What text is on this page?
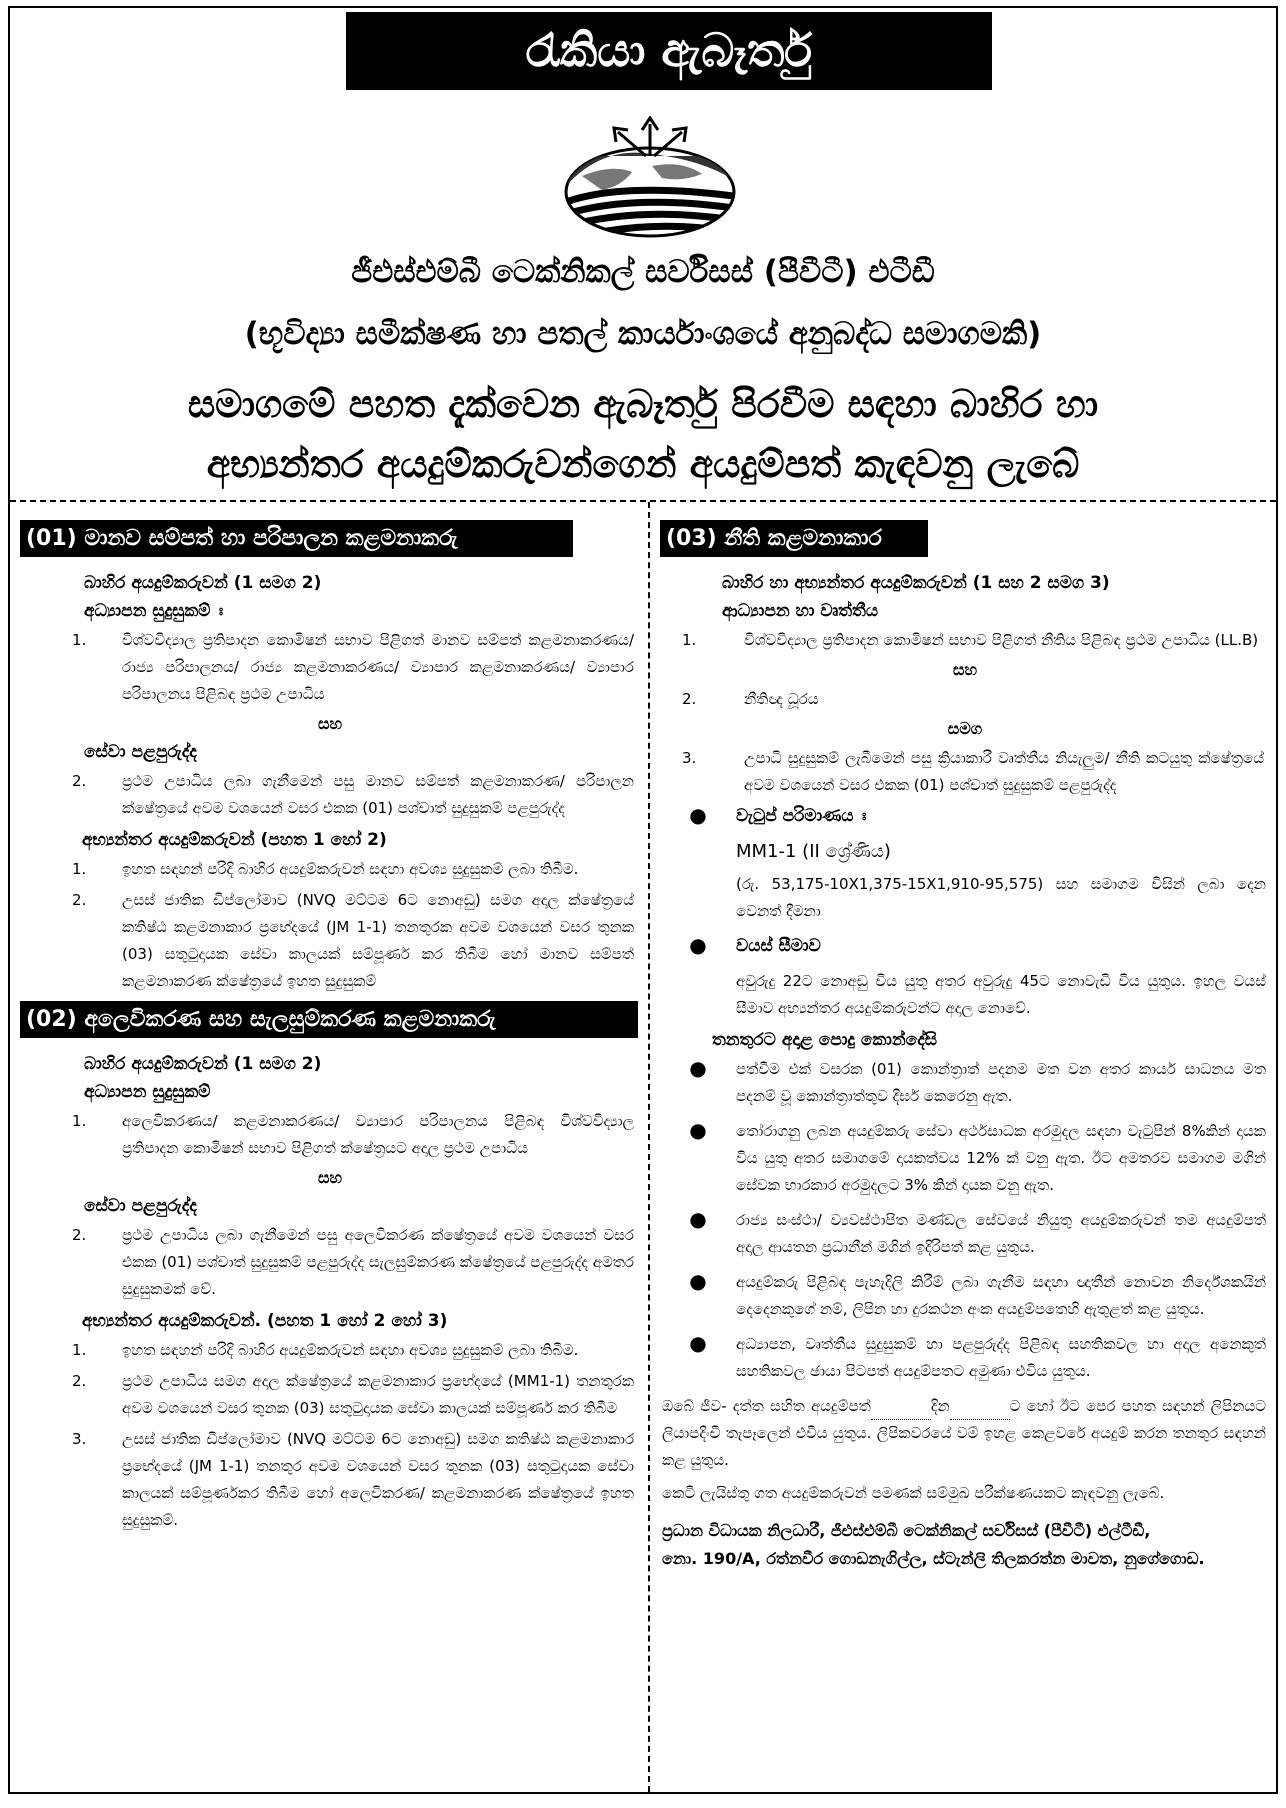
රැකියා ඇබෑර්තු
ජීඑස්එම්බී ටෙක්නිකල් සර්විසස් (පීවීටී) එටීඩී
(භූවිද්‍යා සමීක්ෂණ හා පතල් කාර්යාංශයේ අනුබද්ධ සමාගමකි)
සමාගමේ පහත දැක්වෙන ඇබෑර්තු පිරවීම සඳහා බාහිර හා
අභ්‍යන්තර අයදුම්කරුවන්ගෙන් අයදුම්පත් කැඳවනු ලැබේ
(01) මානව සම්පත් හා පරිපාලන කළමනාකරු
බාහිර අයදුම්කරුවන් (1 සමග 2)
අධ්‍යාපන සුදුසුකම් ඃ
1.	විශ්වවිද්‍යාල ප්‍රතිපාදන කොමිෂන් සභාව පිළිගත් මානව සම්පත් කළමනාකරණය/ රාජ්‍ය පරිපාලනය/ රාජ්‍ය කළමනාකරණය/ ව්‍යාපාර කළමනාකරණය/ ව්‍යාපාර පරිපාලනය පිළිබඳ ප්‍රථම උපාධිය
සහ
සේවා පළපුරුද්ද
2.	ප්‍රථම උපාධිය ලබා ගැනීමෙන් පසු මානව සම්පත් කළමනාකරණ/ පරිපාලන ක්ෂේත්‍රයේ අවම වශයෙන් වසර එකක (01) පශ්චාත් සුදුසුකම් පළපුරුද්ද
අභ්‍යන්තර අයදුම්කරුවන් (පහත 1 හෝ 2)
1.	ඉහත සඳහන් පරිදි බාහිර අයදුම්කරුවන් සඳහා අවශ්‍ය සුදුසුකම් ලබා තිබීම.
2.	උසස් ජාතික ඩිප්ලෝමාව (NVQ මට්ටම 6ට නොඅඩු) සමග අදාල ක්ෂේත්‍රයේ කතිෂ්ඨ කළමනාකාර ප්‍රභේදයේ (JM 1-1) තනතුරක අවම වශයෙන් වසර තුනක (03) සතුටුදායක සේවා කාලයක් සම්පූර්ණ කර තිබීම හෝ මානව සම්පත් කළමනාකරණ ක්ෂේත්‍රයේ ඉහත සුදුසුකම්
(02) අලෙවිකරණ සහ සැලසුම්කරණ කළමනාකරු
බාහිර අයදුම්කරුවන් (1 සමග 2)
අධ්‍යාපන සුදුසුකම්
1.	අලෙවිකරණය/ කළමනාකරණය/ ව්‍යාපාර පරිපාලනය පිළිබඳ විශ්වවිද්‍යාල ප්‍රතිපාදන කොමිෂන් සභාව පිළිගත් ක්ෂේත්‍රයට අදාල ප්‍රථම උපාධිය
සහ
සේවා පළපුරුද්ද
2.	ප්‍රථම උපාධිය ලබා ගැනීමෙන් පසු අලෙවිකරණ ක්ෂේත්‍රයේ අවම වශයෙන් වසර එකක (01) පශ්චාත් සුදුසුකම් පළපුරුද්ද සැලසුම්කරණ ක්ෂේත්‍රයේ පළපුරුද්ද අමතර සුදුසුකමක් වේ.
අභ්‍යන්තර අයදුම්කරුවන්. (පහත 1 හෝ 2 හෝ 3)
1.	ඉහත සඳහන් පරිදි බාහිර අයදුම්කරුවන් සඳහා අවශ්‍ය සුදුසුකම් ලබා තිබීම.
2.	ප්‍රථම උපාධිය සමග අදාල ක්ෂේත්‍රයේ කළමනාකාර ප්‍රභේදයේ (MM1-1) තනතුරක අවම වශයෙන් වසර තුනක (03) සතුටුදායක සේවා කාලයක් සම්පූර්ණ කර තිබීම
3.	උසස් ජාතික ඩිප්ලෝමාව (NVQ මට්ටම 6ට නොඅඩු) සමග කතිෂ්ඨ කළමනාකාර ප්‍රභේදයේ (JM 1-1) තනතුර අවම වශයෙන් වසර තුනක (03) සතුටුදායක සේවා කාලයක් සම්පූර්ණකර තිබීම හෝ අලෙවිකරණ/ කළමනාකරණ ක්ෂේත්‍රයේ ඉහත සුදුසුකම්.
(03) නීති කළමනාකාර
බාහිර හා අභ්‍යන්තර අයදුම්කරුවන් (1 සහ 2 සමග 3)
ආධ්‍යාපන හා වෘත්තීය
1.	විශ්වවිද්‍යාල ප්‍රතිපාදන කොමිෂන් සභාව පිළිගත් නීතිය පිළිබඳ ප්‍රථම උපාධිය (LL.B)
සහ
2.	නීතිඥ ධූරය
සමග
3.	උපාධි සුදුසුකම් ලැබීමෙන් පසු ක්‍රියාකාරී වෘත්තීය නියැලුම/ නීති කටයුතු ක්ෂේත්‍රයේ අවම වශයෙන් වසර එකක (01) පශ්චාත් සුදුසුකම් පළපුරුද්ද
●	වැටුප් පරිමාණය ඃ
MM1-1 (II ශ්‍රේණිය)
(රු. 53,175-10X1,375-15X1,910-95,575) සහ සමාගම විසින් ලබා දෙන වෙනත් දීමනා
●	වයස් සීමාව
අවුරුදු 22ට නොඅඩු විය යුතු අතර අවුරුදු 45ට නොවැඩි විය යුතුය. ඉහල වයස් සීමාව අභ්‍යන්තර අයදුම්කරුවන්ට අදාල නොවේ.
තනතුරට අදාළ පොදු කොන්දේසි
●	පත්වීම එක් වසරක (01) කොන්ත්‍රාත් පදනම මත වන අතර කාර්ය සාධනය මත පදනම් වූ කොන්ත්‍රාත්තුව දීර්ඝ කෙරෙනු ඇත.
●	තෝරාගනු ලබන අයදුම්කරු සේවා අර්ථසාධක අරමුදල සඳහා වැටුපින් 8%කින් දායක විය යුතු අතර සමාගමේ දායකත්වය 12% ක් වනු ඇත. ඊට අමතරව සමාගම මගින් සේවක භාරකාර අරමුදලට 3% කින් දායක වනු ඇත.
●	රාජ්‍ය සංස්ථා/ ව්‍යවස්ථාපිත මණ්ඩල සේවයේ නියුතු අයදුම්කරුවන් තම අයදුම්පත් අදාල ආයතන ප්‍රධානීන් මගින් ඉදිරිපත් කළ යුතුය.
●	අයදුම්කරු පිළිබඳ පැහැදිලි කිරීම් ලබා ගැනීම සඳහා ඥාතීන් නොවන නිර්දේශකයින් දෙදෙනකුගේ නම්, ලිපින හා දුරකථන අංක අයදුම්පතෙහි ඇතුළත් කළ යුතුය.
●	අධ්‍යාපන, වෘත්තීය සුදුසුකම් හා පළපුරුද්ද පිළිබඳ සහතිකවල හා අදාල අනෙකුත් සහතිකවල ඡායා පිටපත් අයදුම්පතට අමුණා එවිය යුතුය.
ඔබේ ජීව- දත්ත සහිත අයදුම්පත්	දින	ට හෝ ඊට පෙර පහත සඳහන් ලිපිනයට ලියාපදිංචි තැපෑලෙන් එවිය යුතුය. ලිපිකවරයේ වම් ඉහළ කෙළවරේ අයදුම් කරන තනතුර සඳහන් කළ යුතුය.
කෙටි ලැයිස්තු ගත අයදුම්කරුවන් පමණක් සම්මුඛ පරීක්ෂණයකට කැඳවනු ලැබේ.
ප්‍රධාන විධායක නිලධාරී, ජීඑස්එම්බී ටෙක්නිකල් සර්විසස් (පීවීටී) එල්ටීඩී,
නො. 190/A, රත්නවීර ගොඩනැගිල්ල, ස්ටැන්ලි තිලකරත්න මාවත, නුගේගොඩ.
